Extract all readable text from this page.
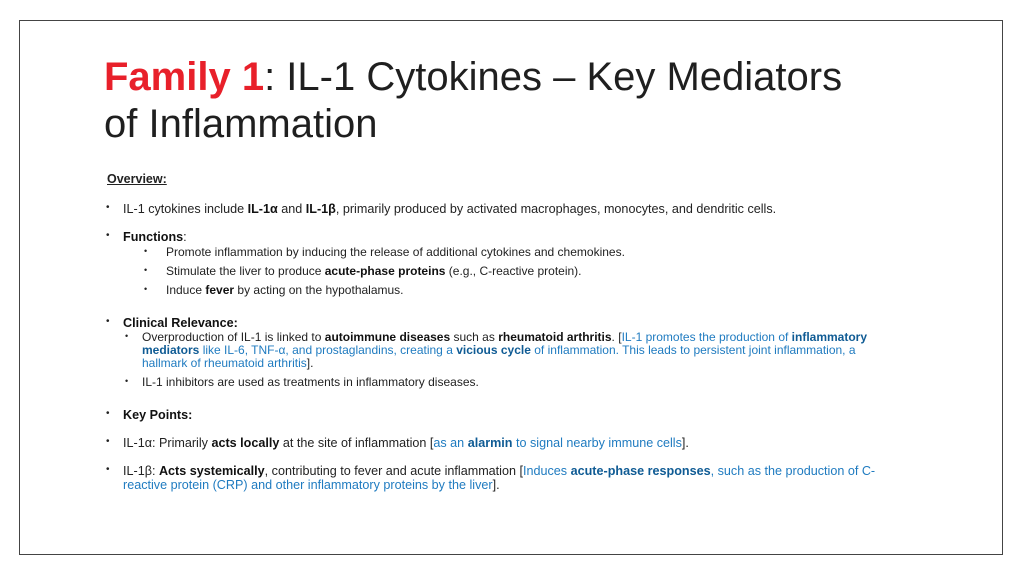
Family 1: IL-1 Cytokines – Key Mediators
of Inflammation
Overview:
• IL-1 cytokines include IL-1α and IL-1β, primarily produced by activated macrophages, monocytes, and dendritic cells.
• Functions:
• Promote inflammation by inducing the release of additional cytokines and chemokines.
• Stimulate the liver to produce acute-phase proteins (e.g., C-reactive protein).
• Induce fever by acting on the hypothalamus.
• Clinical Relevance:
• Overproduction of IL-1 is linked to autoimmune diseases such as rheumatoid arthritis. [IL-1 promotes the production of inflammatory mediators like IL-6, TNF-α, and prostaglandins, creating a vicious cycle of inflammation. This leads to persistent joint inflammation, a hallmark of rheumatoid arthritis].
• IL-1 inhibitors are used as treatments in inflammatory diseases.
• Key Points:
• IL-1α: Primarily acts locally at the site of inflammation [as an alarmin to signal nearby immune cells].
• IL-1β: Acts systemically, contributing to fever and acute inflammation [Induces acute-phase responses, such as the production of C-reactive protein (CRP) and other inflammatory proteins by the liver].
